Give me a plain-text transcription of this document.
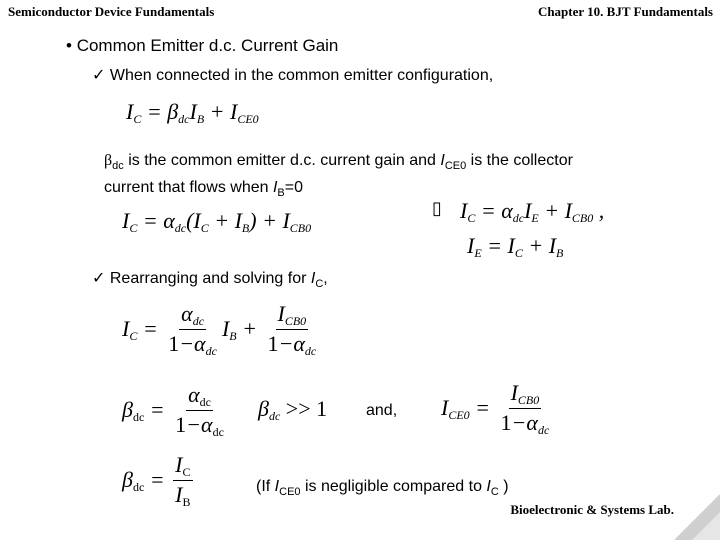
Semiconductor Device Fundamentals	Chapter 10. BJT Fundamentals
• Common Emitter d.c. Current Gain
✓ When connected in the common emitter configuration,
$I_C = \beta_{dc}I_B + I_{CE0}$
$\beta_{dc}$ is the common emitter d.c. current gain and $I_{CE0}$ is the collector
current that flows when $I_B=0$
$I_C = \alpha_{dc}(I_C + I_B) + I_{CB0}$
▯ $I_C = \alpha_{dc}I_E + I_{CB0}$ ,
$I_E = I_C + I_B$
✓ Rearranging and solving for $I_C$,
$I_C = \frac{\alpha_{dc}}{1-\alpha_{dc}} I_B + \frac{I_{CB0}}{1-\alpha_{dc}}$
$\beta_{dc} = \frac{\alpha_{dc}}{1-\alpha_{dc}} \beta_{dc} >> 1$ and, $I_{CE0} = \frac{I_{CB0}}{1-\alpha_{dc}}$
$\beta_{dc} = \frac{I_C}{I_B}$	(If $I_{CE0}$ is negligible compared to $I_C$ )
Bioelectronic & Systems Lab.
